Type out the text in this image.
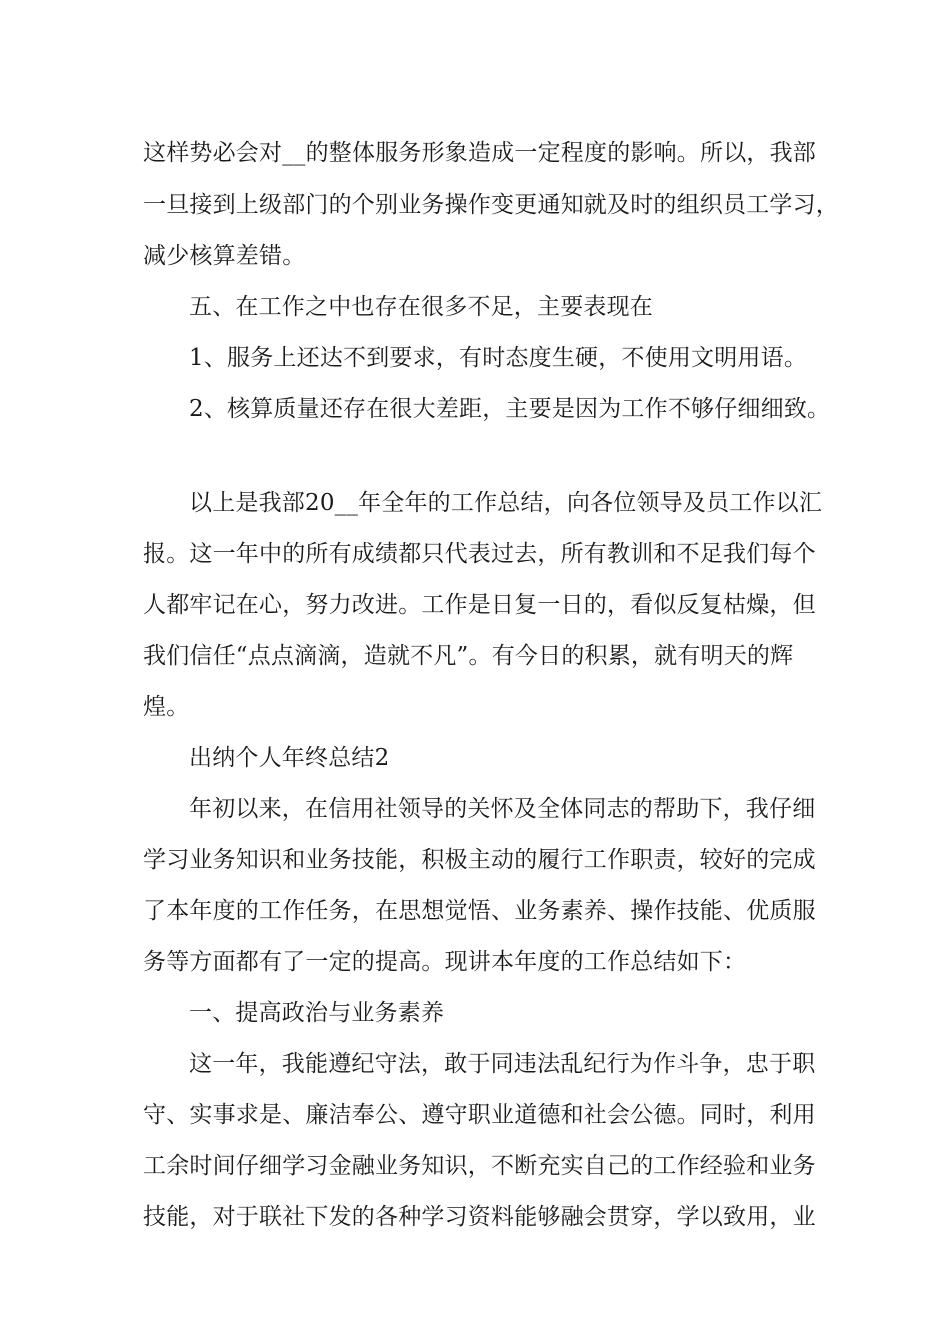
这样势必会对__的整体服务形象造成一定程度的影响。所以，我部
一旦接到上级部门的个别业务操作变更通知就及时的组织员工学习，
减少核算差错。
五、在工作之中也存在很多不足，主要表现在
1、服务上还达不到要求，有时态度生硬，不使用文明用语。
2、核算质量还存在很大差距，主要是因为工作不够仔细细致。
以上是我部20__年全年的工作总结，向各位领导及员工作以汇
报。这一年中的所有成绩都只代表过去，所有教训和不足我们每个
人都牢记在心，努力改进。工作是日复一日的，看似反复枯燥，但
我们信任“点点滴滴，造就不凡”。有今日的积累，就有明天的辉
煌。
出纳个人年终总结2
年初以来，在信用社领导的关怀及全体同志的帮助下，我仔细
学习业务知识和业务技能，积极主动的履行工作职责，较好的完成
了本年度的工作任务，在思想觉悟、业务素养、操作技能、优质服
务等方面都有了一定的提高。现讲本年度的工作总结如下：
一、提高政治与业务素养
这一年，我能遵纪守法，敢于同违法乱纪行为作斗争，忠于职
守、实事求是、廉洁奉公、遵守职业道德和社会公德。同时，利用
工余时间仔细学习金融业务知识，不断充实自己的工作经验和业务
技能，对于联社下发的各种学习资料能够融会贯穿，学以致用，业
